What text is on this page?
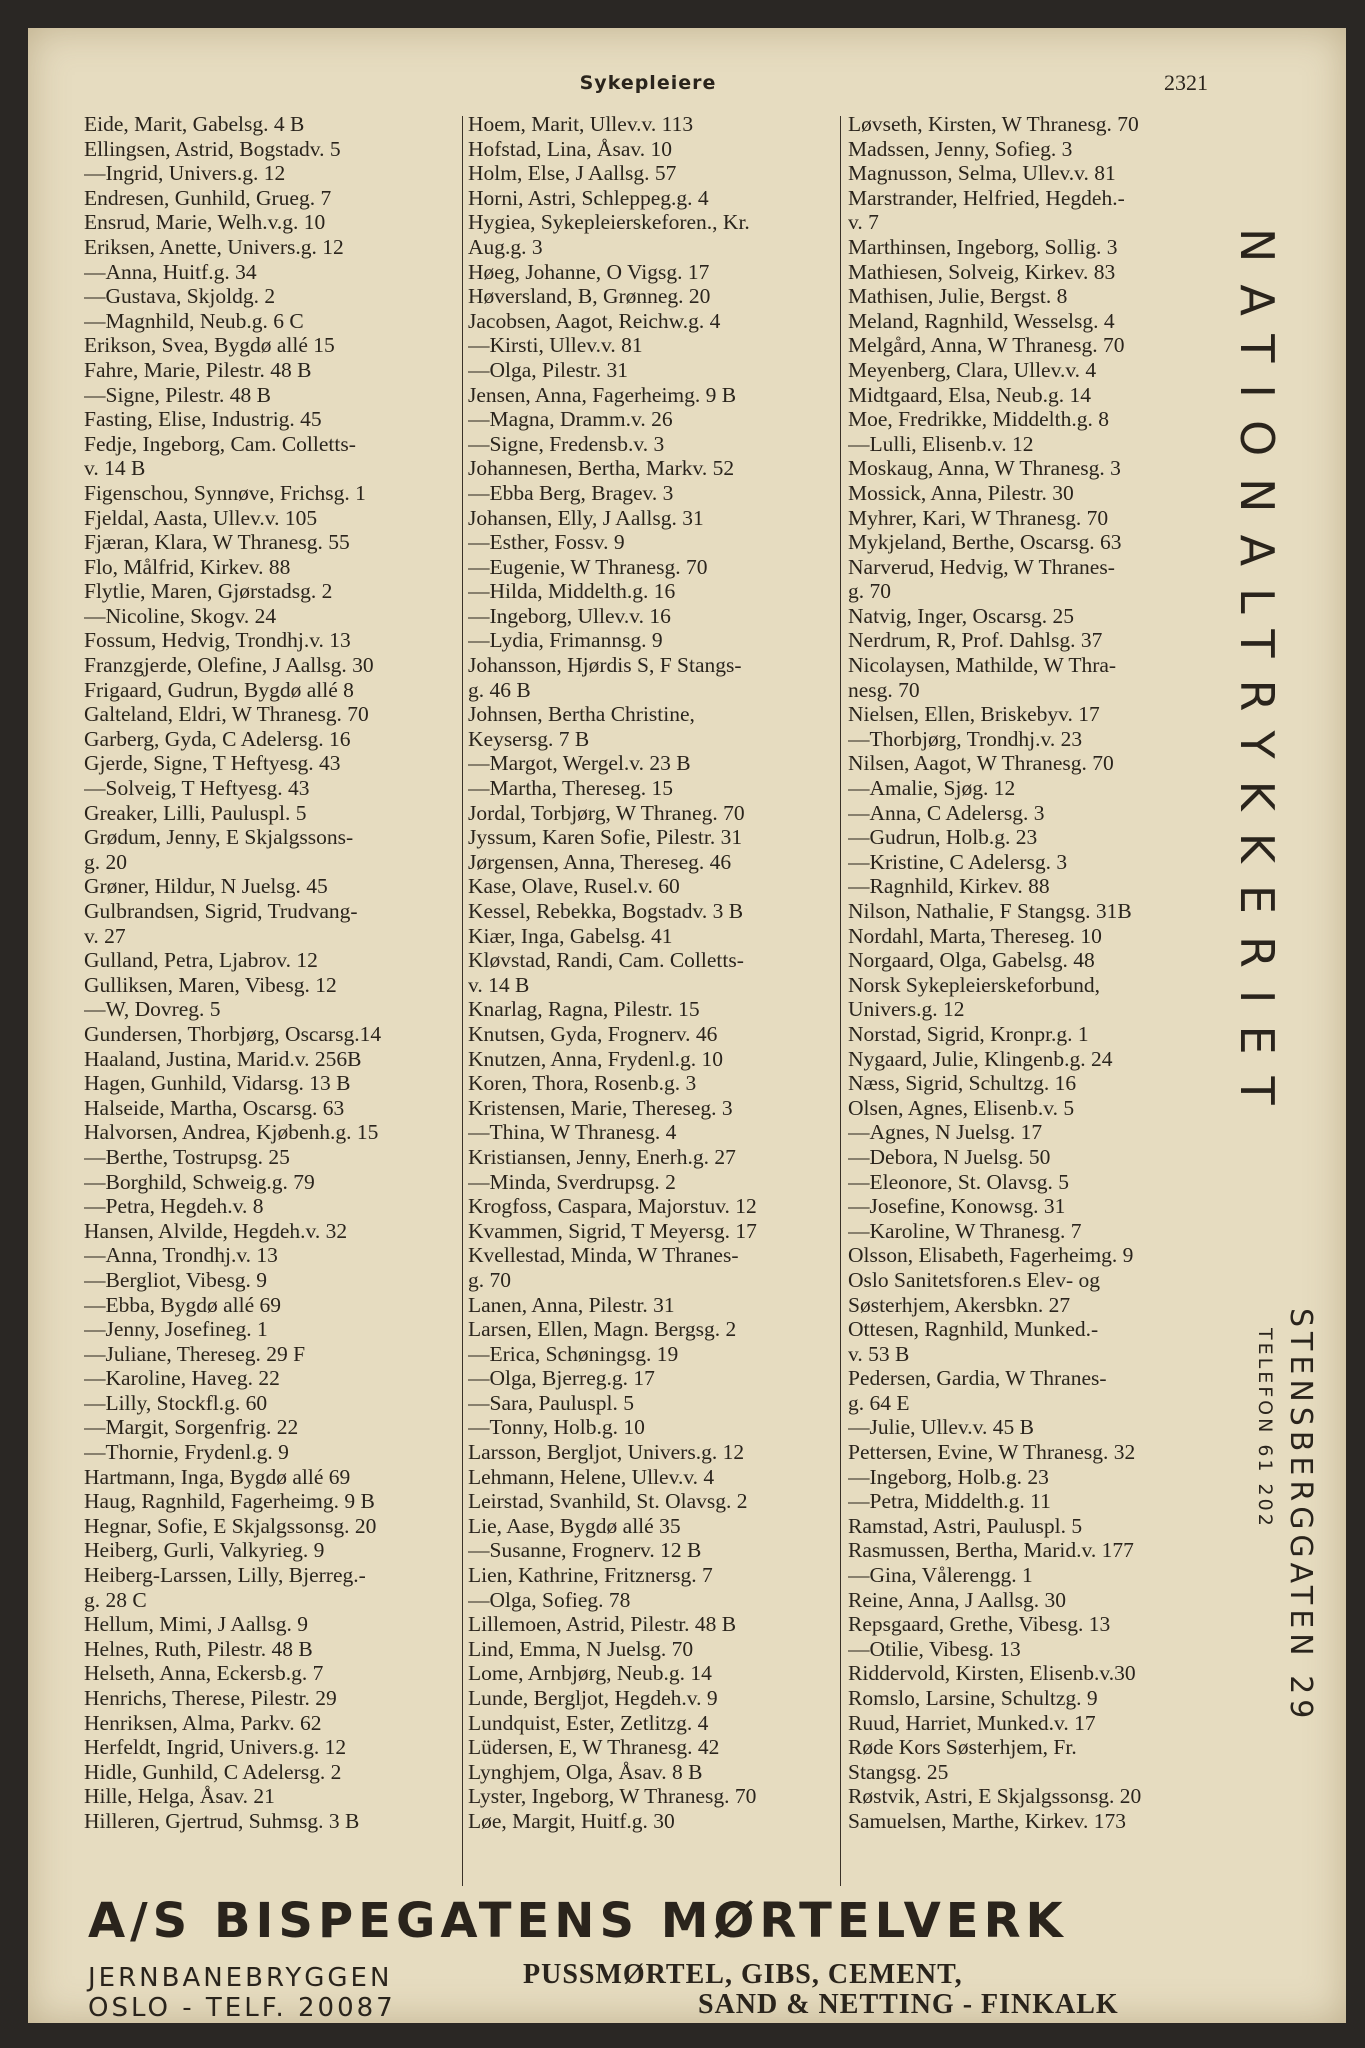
Sykepleiere	2321
Eide, Marit, Gabelsg. 4 B
Ellingsen, Astrid, Bogstadv. 5
—Ingrid, Univers.g. 12
Endresen, Gunhild, Grueg. 7
Ensrud, Marie, Welh.v.g. 10
Eriksen, Anette, Univers.g. 12
—Anna, Huitf.g. 34
—Gustava, Skjoldg. 2
—Magnhild, Neub.g. 6 C
Erikson, Svea, Bygdø allé 15
Fahre, Marie, Pilestr. 48 B
—Signe, Pilestr. 48 B
Fasting, Elise, Industrig. 45
Fedje, Ingeborg, Cam. Colletts-
v. 14 B
Figenschou, Synnøve, Frichsg. 1
Fjeldal, Aasta, Ullev.v. 105
Fjæran, Klara, W Thranesg. 55
Flo, Målfrid, Kirkev. 88
Flytlie, Maren, Gjørstadsg. 2
—Nicoline, Skogv. 24
Fossum, Hedvig, Trondhj.v. 13
Franzgjerde, Olefine, J Aallsg. 30
Frigaard, Gudrun, Bygdø allé 8
Galteland, Eldri, W Thranesg. 70
Garberg, Gyda, C Adelersg. 16
Gjerde, Signe, T Heftyesg. 43
—Solveig, T Heftyesg. 43
Greaker, Lilli, Pauluspl. 5
Grødum, Jenny, E Skjalgssons-
g. 20
Grøner, Hildur, N Juelsg. 45
Gulbrandsen, Sigrid, Trudvang-
v. 27
Gulland, Petra, Ljabrov. 12
Gulliksen, Maren, Vibesg. 12
—W, Dovreg. 5
Gundersen, Thorbjørg, Oscarsg.14
Haaland, Justina, Marid.v. 256B
Hagen, Gunhild, Vidarsg. 13 B
Halseide, Martha, Oscarsg. 63
Halvorsen, Andrea, Kjøbenh.g. 15
—Berthe, Tostrupsg. 25
—Borghild, Schweig.g. 79
—Petra, Hegdeh.v. 8
Hansen, Alvilde, Hegdeh.v. 32
—Anna, Trondhj.v. 13
—Bergliot, Vibesg. 9
—Ebba, Bygdø allé 69
—Jenny, Josefineg. 1
—Juliane, Thereseg. 29 F
—Karoline, Haveg. 22
—Lilly, Stockfl.g. 60
—Margit, Sorgenfrig. 22
—Thornie, Frydenl.g. 9
Hartmann, Inga, Bygdø allé 69
Haug, Ragnhild, Fagerheimg. 9 B
Hegnar, Sofie, E Skjalgssonsg. 20
Heiberg, Gurli, Valkyrieg. 9
Heiberg-Larssen, Lilly, Bjerreg.-
g. 28 C
Hellum, Mimi, J Aallsg. 9
Helnes, Ruth, Pilestr. 48 B
Helseth, Anna, Eckersb.g. 7
Henrichs, Therese, Pilestr. 29
Henriksen, Alma, Parkv. 62
Herfeldt, Ingrid, Univers.g. 12
Hidle, Gunhild, C Adelersg. 2
Hille, Helga, Åsav. 21
Hilleren, Gjertrud, Suhmsg. 3 B
Hoem, Marit, Ullev.v. 113
Hofstad, Lina, Åsav. 10
Holm, Else, J Aallsg. 57
Horni, Astri, Schleppeg.g. 4
Hygiea, Sykepleierskeforen., Kr.
Aug.g. 3
Høeg, Johanne, O Vigsg. 17
Høversland, B, Grønneg. 20
Jacobsen, Aagot, Reichw.g. 4
—Kirsti, Ullev.v. 81
—Olga, Pilestr. 31
Jensen, Anna, Fagerheimg. 9 B
—Magna, Dramm.v. 26
—Signe, Fredensb.v. 3
Johannesen, Bertha, Markv. 52
—Ebba Berg, Bragev. 3
Johansen, Elly, J Aallsg. 31
—Esther, Fossv. 9
—Eugenie, W Thranesg. 70
—Hilda, Middelth.g. 16
—Ingeborg, Ullev.v. 16
—Lydia, Frimannsg. 9
Johansson, Hjørdis S, F Stangs-
g. 46 B
Johnsen, Bertha Christine,
Keysersg. 7 B
—Margot, Wergel.v. 23 B
—Martha, Thereseg. 15
Jordal, Torbjørg, W Thraneg. 70
Jyssum, Karen Sofie, Pilestr. 31
Jørgensen, Anna, Thereseg. 46
Kase, Olave, Rusel.v. 60
Kessel, Rebekka, Bogstadv. 3 B
Kiær, Inga, Gabelsg. 41
Kløvstad, Randi, Cam. Colletts-
v. 14 B
Knarlag, Ragna, Pilestr. 15
Knutsen, Gyda, Frognerv. 46
Knutzen, Anna, Frydenl.g. 10
Koren, Thora, Rosenb.g. 3
Kristensen, Marie, Thereseg. 3
—Thina, W Thranesg. 4
Kristiansen, Jenny, Enerh.g. 27
—Minda, Sverdrupsg. 2
Krogfoss, Caspara, Majorstuv. 12
Kvammen, Sigrid, T Meyersg. 17
Kvellestad, Minda, W Thranes-
g. 70
Lanen, Anna, Pilestr. 31
Larsen, Ellen, Magn. Bergsg. 2
—Erica, Schøningsg. 19
—Olga, Bjerreg.g. 17
—Sara, Pauluspl. 5
—Tonny, Holb.g. 10
Larsson, Bergljot, Univers.g. 12
Lehmann, Helene, Ullev.v. 4
Leirstad, Svanhild, St. Olavsg. 2
Lie, Aase, Bygdø allé 35
—Susanne, Frognerv. 12 B
Lien, Kathrine, Fritznersg. 7
—Olga, Sofieg. 78
Lillemoen, Astrid, Pilestr. 48 B
Lind, Emma, N Juelsg. 70
Lome, Arnbjørg, Neub.g. 14
Lunde, Bergljot, Hegdeh.v. 9
Lundquist, Ester, Zetlitzg. 4
Lüdersen, E, W Thranesg. 42
Lynghjem, Olga, Åsav. 8 B
Lyster, Ingeborg, W Thranesg. 70
Løe, Margit, Huitf.g. 30
Løvseth, Kirsten, W Thranesg. 70
Madssen, Jenny, Sofieg. 3
Magnusson, Selma, Ullev.v. 81
Marstrander, Helfried, Hegdeh.-
v. 7
Marthinsen, Ingeborg, Sollig. 3
Mathiesen, Solveig, Kirkev. 83
Mathisen, Julie, Bergst. 8
Meland, Ragnhild, Wesselsg. 4
Melgård, Anna, W Thranesg. 70
Meyenberg, Clara, Ullev.v. 4
Midtgaard, Elsa, Neub.g. 14
Moe, Fredrikke, Middelth.g. 8
—Lulli, Elisenb.v. 12
Moskaug, Anna, W Thranesg. 3
Mossick, Anna, Pilestr. 30
Myhrer, Kari, W Thranesg. 70
Mykjeland, Berthe, Oscarsg. 63
Narverud, Hedvig, W Thranes-
g. 70
Natvig, Inger, Oscarsg. 25
Nerdrum, R, Prof. Dahlsg. 37
Nicolaysen, Mathilde, W Thra-
nesg. 70
Nielsen, Ellen, Briskebyv. 17
—Thorbjørg, Trondhj.v. 23
Nilsen, Aagot, W Thranesg. 70
—Amalie, Sjøg. 12
—Anna, C Adelersg. 3
—Gudrun, Holb.g. 23
—Kristine, C Adelersg. 3
—Ragnhild, Kirkev. 88
Nilson, Nathalie, F Stangsg. 31B
Nordahl, Marta, Thereseg. 10
Norgaard, Olga, Gabelsg. 48
Norsk Sykepleierskeforbund,
Univers.g. 12
Norstad, Sigrid, Kronpr.g. 1
Nygaard, Julie, Klingenb.g. 24
Næss, Sigrid, Schultzg. 16
Olsen, Agnes, Elisenb.v. 5
—Agnes, N Juelsg. 17
—Debora, N Juelsg. 50
—Eleonore, St. Olavsg. 5
—Josefine, Konowsg. 31
—Karoline, W Thranesg. 7
Olsson, Elisabeth, Fagerheimg. 9
Oslo Sanitetsforen.s Elev- og
Søsterhjem, Akersbkn. 27
Ottesen, Ragnhild, Munked.-
v. 53 B
Pedersen, Gardia, W Thranes-
g. 64 E
—Julie, Ullev.v. 45 B
Pettersen, Evine, W Thranesg. 32
—Ingeborg, Holb.g. 23
—Petra, Middelth.g. 11
Ramstad, Astri, Pauluspl. 5
Rasmussen, Bertha, Marid.v. 177
—Gina, Vålerengg. 1
Reine, Anna, J Aallsg. 30
Repsgaard, Grethe, Vibesg. 13
—Otilie, Vibesg. 13
Riddervold, Kirsten, Elisenb.v.30
Romslo, Larsine, Schultzg. 9
Ruud, Harriet, Munked.v. 17
Røde Kors Søsterhjem, Fr.
Stangsg. 25
Røstvik, Astri, E Skjalgssonsg. 20
Samuelsen, Marthe, Kirkev. 173
NATIONALTRYKKERIET
STENSBERGGATEN 29
TELEFON 61 202
A/S BISPEGATENS MØRTELVERK
JERNBANEBRYGGEN
OSLO - TELF. 20087
PUSSMØRTEL, GIBS, CEMENT,
SAND & NETTING - FINKALK
